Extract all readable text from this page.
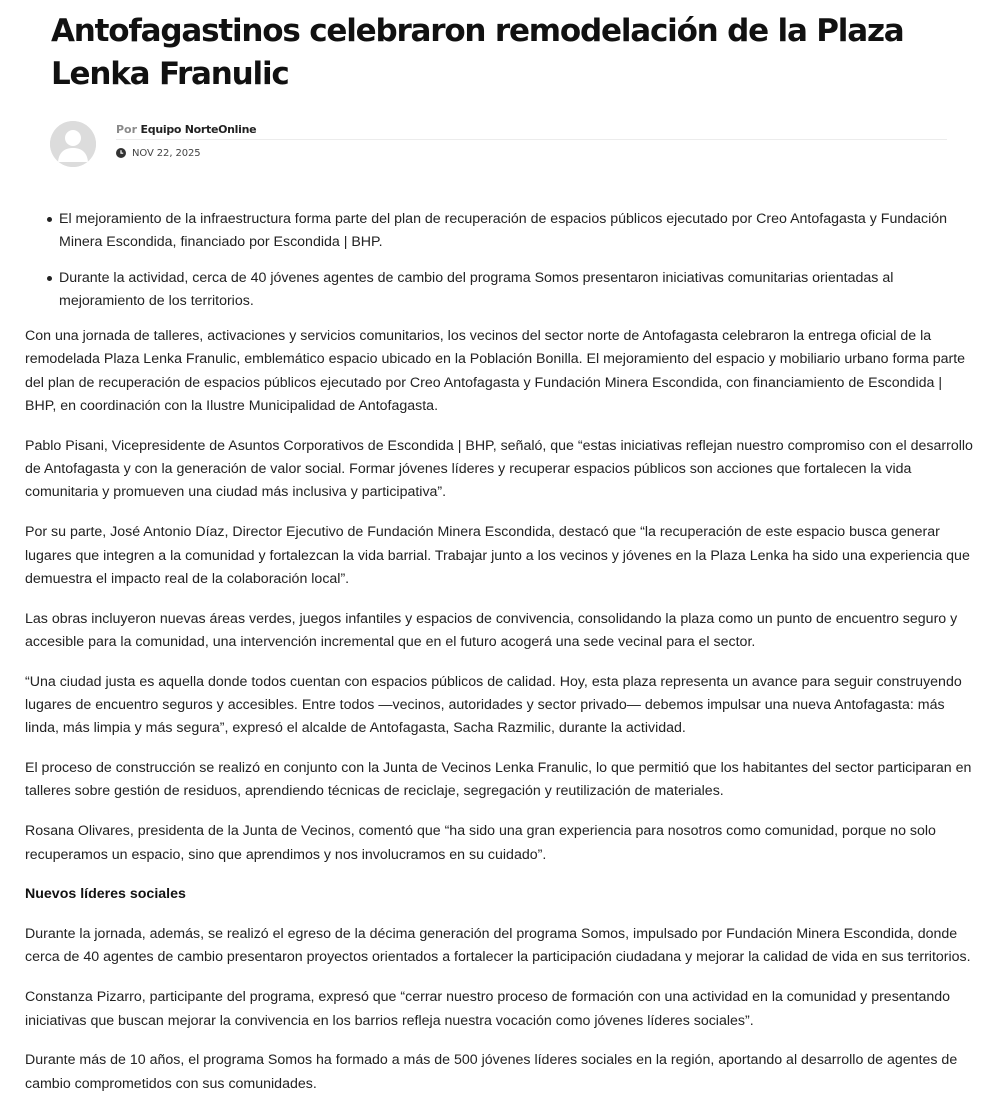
Antofagastinos celebraron remodelación de la Plaza Lenka Franulic
Por Equipo NorteOnline
NOV 22, 2025
El mejoramiento de la infraestructura forma parte del plan de recuperación de espacios públicos ejecutado por Creo Antofagasta y Fundación Minera Escondida, financiado por Escondida | BHP.
Durante la actividad, cerca de 40 jóvenes agentes de cambio del programa Somos presentaron iniciativas comunitarias orientadas al mejoramiento de los territorios.

Con una jornada de talleres, activaciones y servicios comunitarios, los vecinos del sector norte de Antofagasta celebraron la entrega oficial de la remodelada Plaza Lenka Franulic, emblemático espacio ubicado en la Población Bonilla. El mejoramiento del espacio y mobiliario urbano forma parte del plan de recuperación de espacios públicos ejecutado por Creo Antofagasta y Fundación Minera Escondida, con financiamiento de Escondida | BHP, en coordinación con la Ilustre Municipalidad de Antofagasta.

Pablo Pisani, Vicepresidente de Asuntos Corporativos de Escondida | BHP, señaló, que “estas iniciativas reflejan nuestro compromiso con el desarrollo de Antofagasta y con la generación de valor social. Formar jóvenes líderes y recuperar espacios públicos son acciones que fortalecen la vida comunitaria y promueven una ciudad más inclusiva y participativa”.

Por su parte, José Antonio Díaz, Director Ejecutivo de Fundación Minera Escondida, destacó que “la recuperación de este espacio busca generar lugares que integren a la comunidad y fortalezcan la vida barrial. Trabajar junto a los vecinos y jóvenes en la Plaza Lenka ha sido una experiencia que demuestra el impacto real de la colaboración local”.

Las obras incluyeron nuevas áreas verdes, juegos infantiles y espacios de convivencia, consolidando la plaza como un punto de encuentro seguro y accesible para la comunidad, una intervención incremental que en el futuro acogerá una sede vecinal para el sector.

“Una ciudad justa es aquella donde todos cuentan con espacios públicos de calidad. Hoy, esta plaza representa un avance para seguir construyendo lugares de encuentro seguros y accesibles. Entre todos —vecinos, autoridades y sector privado— debemos impulsar una nueva Antofagasta: más linda, más limpia y más segura”, expresó el alcalde de Antofagasta, Sacha Razmilic, durante la actividad.

El proceso de construcción se realizó en conjunto con la Junta de Vecinos Lenka Franulic, lo que permitió que los habitantes del sector participaran en talleres sobre gestión de residuos, aprendiendo técnicas de reciclaje, segregación y reutilización de materiales.

Rosana Olivares, presidenta de la Junta de Vecinos, comentó que “ha sido una gran experiencia para nosotros como comunidad, porque no solo recuperamos un espacio, sino que aprendimos y nos involucramos en su cuidado”.

Nuevos líderes sociales

Durante la jornada, además, se realizó el egreso de la décima generación del programa Somos, impulsado por Fundación Minera Escondida, donde cerca de 40 agentes de cambio presentaron proyectos orientados a fortalecer la participación ciudadana y mejorar la calidad de vida en sus territorios.

Constanza Pizarro, participante del programa, expresó que “cerrar nuestro proceso de formación con una actividad en la comunidad y presentando iniciativas que buscan mejorar la convivencia en los barrios refleja nuestra vocación como jóvenes líderes sociales”.

Durante más de 10 años, el programa Somos ha formado a más de 500 jóvenes líderes sociales en la región, aportando al desarrollo de agentes de cambio comprometidos con sus comunidades.
